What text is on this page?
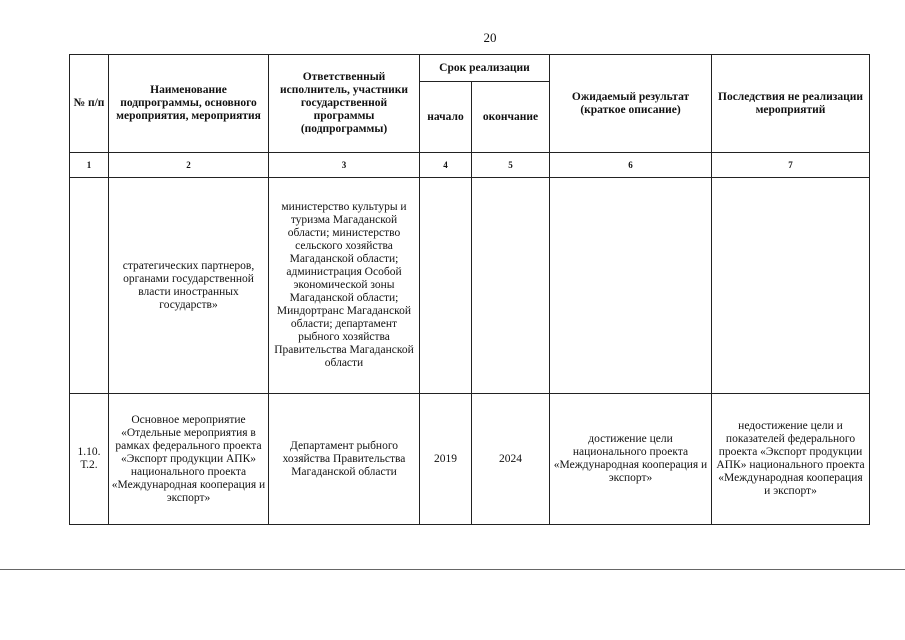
20
№ п/п	Наименование подпрограммы, основного мероприятия, мероприятия	Ответственный исполнитель, участники государственной программы (подпрограммы)	Срок реализации		Ожидаемый результат (краткое описание)	Последствия не реализации мероприятий
			начало	окончание		
1	2	3	4	5	6	7
	стратегических партнеров, органами государственной власти иностранных государств»	министерство культуры и туризма Магаданской области; министерство сельского хозяйства Магаданской области; администрация Особой экономической зоны Магаданской области; Миндортранс Магаданской области; департамент рыбного хозяйства Правительства Магаданской области				
1.10. Т.2.	Основное мероприятие «Отдельные мероприятия в рамках федерального проекта «Экспорт продукции АПК» национального проекта «Международная кооперация и экспорт»	Департамент рыбного хозяйства Правительства Магаданской области	2019	2024	достижение цели национального проекта «Международная кооперация и экспорт»	недостижение цели и показателей федерального проекта «Экспорт продукции АПК» национального проекта «Международная кооперация и экспорт»
